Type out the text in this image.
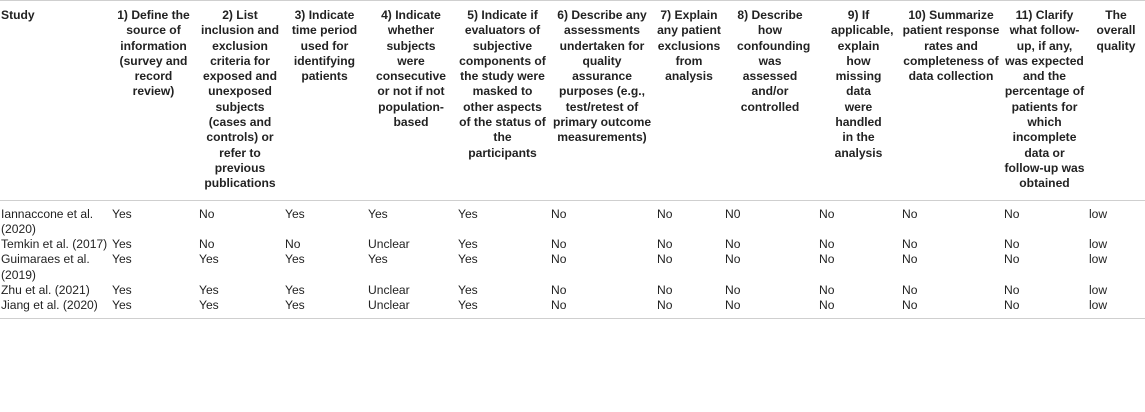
Study	1) Define the source of information (survey and record review)	2) List inclusion and exclusion criteria for exposed and unexposed subjects (cases and controls) or refer to previous publications	3) Indicate time period used for identifying patients	4) Indicate whether subjects were consecutive or not if not population-based	5) Indicate if evaluators of subjective components of the study were masked to other aspects of the status of the participants	6) Describe any assessments undertaken for quality assurance purposes (e.g., test/retest of primary outcome measurements)	7) Explain any patient exclusions from analysis	8) Describe how confounding was assessed and/or controlled	9) If applicable, explain how missing data were handled in the analysis	10) Summarize patient response rates and completeness of data collection	11) Clarify what follow-up, if any, was expected and the percentage of patients for which incomplete data or follow-up was obtained	The overall quality
Iannaccone et al. (2020)	Yes	No	Yes	Yes	Yes	No	No	N0	No	No	No	low
Temkin et al. (2017)	Yes	No	No	Unclear	Yes	No	No	No	No	No	No	low
Guimaraes et al. (2019)	Yes	Yes	Yes	Yes	Yes	No	No	No	No	No	No	low
Zhu et al. (2021)	Yes	Yes	Yes	Unclear	Yes	No	No	No	No	No	No	low
Jiang et al. (2020)	Yes	Yes	Yes	Unclear	Yes	No	No	No	No	No	No	low
